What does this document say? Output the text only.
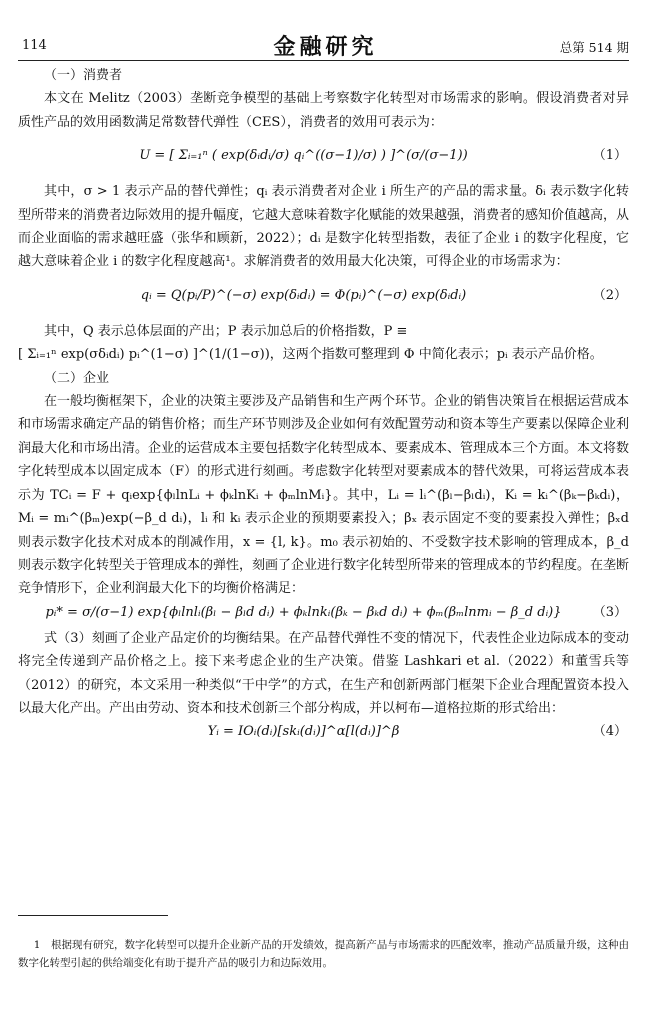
114	金融研究	总第 514 期

（一）消费者

本文在 Melitz（2003）垄断竞争模型的基础上考察数字化转型对市场需求的影响。假设消费者对异质性产品的效用函数满足常数替代弹性（CES），消费者的效用可表示为：

U = [ Σᵢ₌₁ⁿ ( exp(δᵢdᵢ/σ) qᵢ^((σ−1)/σ) ) ]^(σ/(σ−1))	（1）

其中，σ > 1 表示产品的替代弹性；qᵢ 表示消费者对企业 i 所生产的产品的需求量。δᵢ 表示数字化转型所带来的消费者边际效用的提升幅度，它越大意味着数字化赋能的效果越强，消费者的感知价值越高，从而企业面临的需求越旺盛（张华和顾新，2022）；dᵢ 是数字化转型指数，表征了企业 i 的数字化程度，它越大意味着企业 i 的数字化程度越高¹。求解消费者的效用最大化决策，可得企业的市场需求为：

qᵢ = Q(pᵢ/P)^(−σ) exp(δᵢdᵢ) = Φ(pᵢ)^(−σ) exp(δᵢdᵢ)	（2）

其中，Q 表示总体层面的产出；P 表示加总后的价格指数，P ≡

[ Σᵢ₌₁ⁿ exp(σδᵢdᵢ) pᵢ^(1−σ) ]^(1/(1−σ))，这两个指数可整理到 Φ 中简化表示；pᵢ 表示产品价格。

（二）企业

在一般均衡框架下，企业的决策主要涉及产品销售和生产两个环节。企业的销售决策旨在根据运营成本和市场需求确定产品的销售价格；而生产环节则涉及企业如何有效配置劳动和资本等生产要素以保障企业利润最大化和市场出清。企业的运营成本主要包括数字化转型成本、要素成本、管理成本三个方面。本文将数字化转型成本以固定成本（F）的形式进行刻画。考虑数字化转型对要素成本的替代效果，可将运营成本表示为 TCᵢ = F + qᵢexp{ϕₗlnLᵢ + ϕₖlnKᵢ + ϕₘlnMᵢ}。其中，Lᵢ = lᵢ^(βₗ−βₗdᵢ)，Kᵢ = kᵢ^(βₖ−βₖdᵢ)，Mᵢ = mᵢ^(βₘ)exp(−β_d dᵢ)，lᵢ 和 kᵢ 表示企业的预期要素投入；βₓ 表示固定不变的要素投入弹性；βₓd 则表示数字化技术对成本的削减作用，x = {l, k}。m₀ 表示初始的、不受数字技术影响的管理成本，β_d 则表示数字化转型关于管理成本的弹性，刻画了企业进行数字化转型所带来的管理成本的节约程度。在垄断竞争情形下，企业利润最大化下的均衡价格满足：

pᵢ* = σ/(σ−1) exp{ϕₗlnlᵢ(βₗ − βₗd dᵢ) + ϕₖlnkᵢ(βₖ − βₖd dᵢ) + ϕₘ(βₘlnmᵢ − β_d dᵢ)}	（3）

式（3）刻画了企业产品定价的均衡结果。在产品替代弹性不变的情况下，代表性企业边际成本的变动将完全传递到产品价格之上。接下来考虑企业的生产决策。借鉴 Lashkari et al.（2022）和董雪兵等（2012）的研究，本文采用一种类似“干中学”的方式，在生产和创新两部门框架下企业合理配置资本投入以最大化产出。产出由劳动、资本和技术创新三个部分构成，并以柯布—道格拉斯的形式给出：

Yᵢ = IOᵢ(dᵢ)[skᵢ(dᵢ)]^α[l(dᵢ)]^β	（4）
1　根据现有研究，数字化转型可以提升企业新产品的开发绩效，提高新产品与市场需求的匹配效率，推动产品质量升级，这种由数字化转型引起的供给端变化有助于提升产品的吸引力和边际效用。
